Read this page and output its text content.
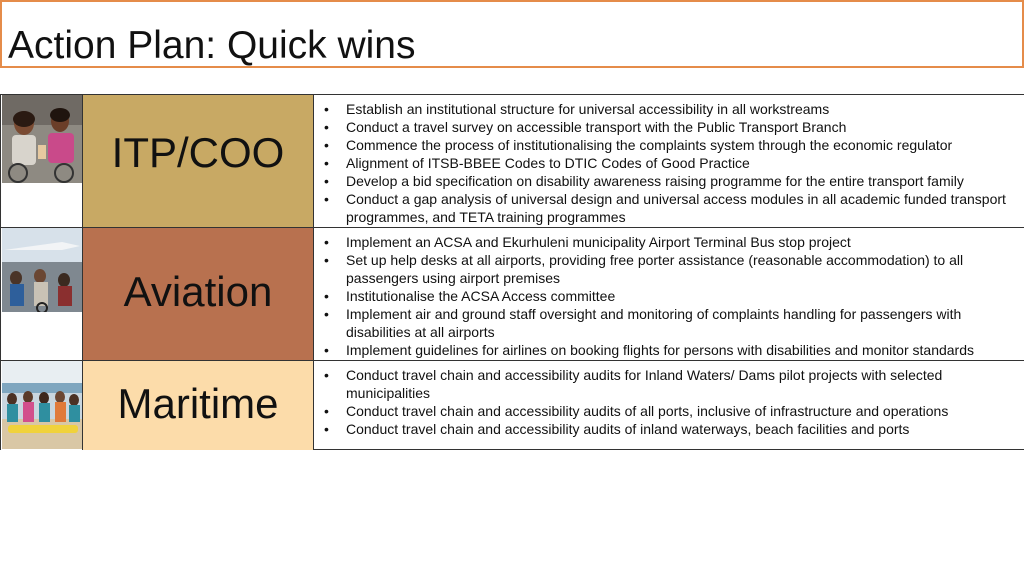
Action Plan: Quick wins
ITP/COO
• Establish an institutional structure for universal accessibility in all workstreams
• Conduct a travel survey on accessible transport with the Public Transport Branch
• Commence the process of institutionalising the complaints system through the economic regulator
• Alignment of ITSB-BBEE Codes to DTIC Codes of Good Practice
• Develop a bid specification on disability awareness raising programme for the entire transport family
• Conduct a gap analysis of universal design and universal access modules in all academic funded transport programmes, and TETA training programmes
Aviation
• Implement an ACSA and Ekurhuleni municipality Airport Terminal Bus stop project
• Set up help desks at all airports, providing free porter assistance (reasonable accommodation) to all passengers using airport premises
• Institutionalise the ACSA Access committee
• Implement air and ground staff oversight and monitoring of complaints handling for passengers with disabilities at all airports
• Implement guidelines for airlines on booking flights for persons with disabilities and monitor standards
Maritime
• Conduct travel chain and accessibility audits for Inland Waters/ Dams pilot projects with selected municipalities
• Conduct travel chain and accessibility audits of all ports, inclusive of infrastructure and operations
• Conduct travel chain and accessibility audits of inland waterways, beach facilities and ports
